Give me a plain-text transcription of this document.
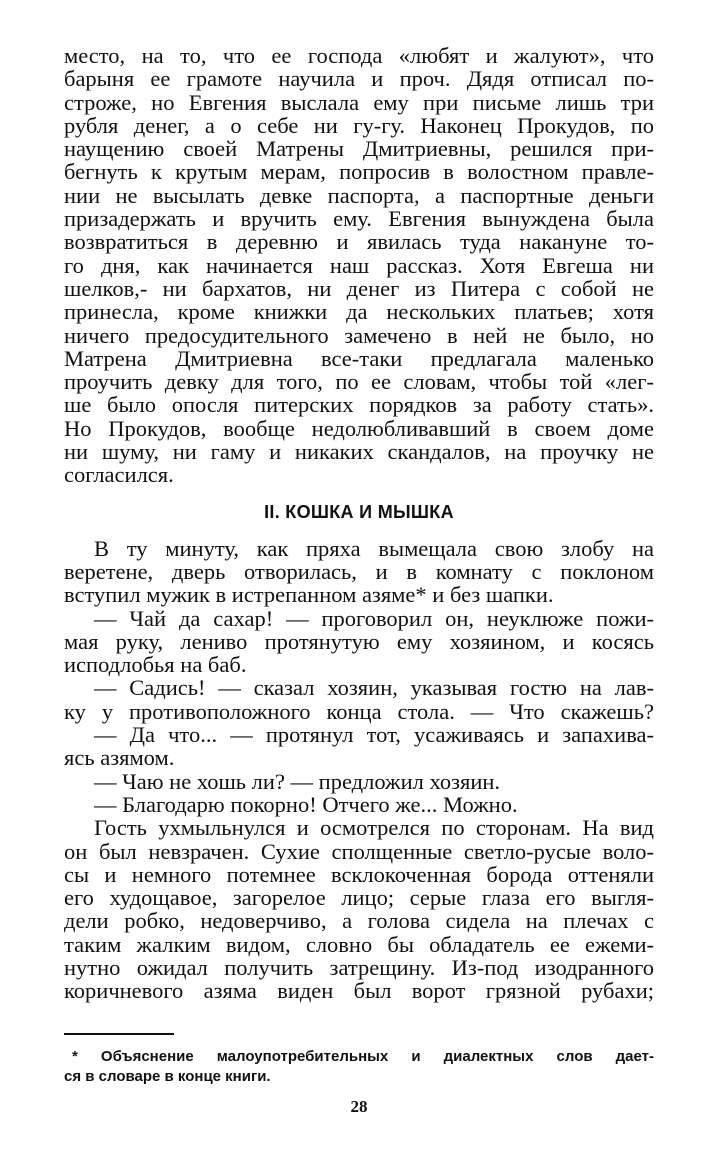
место, на то, что ее господа «любят и жалуют», что
барыня ее грамоте научила и проч. Дядя отписал по-
строже, но Евгения выслала ему при письме лишь три
рубля денег, а о себе ни гу-гу. Наконец Прокудов, по
наущению своей Матрены Дмитриевны, решился при-
бегнуть к крутым мерам, попросив в волостном правле-
нии не высылать девке паспорта, а паспортные деньги
призадержать и вручить ему. Евгения вынуждена была
возвратиться в деревню и явилась туда накануне то-
го дня, как начинается наш рассказ. Хотя Евгеша ни
шелков,- ни бархатов, ни денег из Питера с собой не
принесла, кроме книжки да нескольких платьев; хотя
ничего предосудительного замечено в ней не было, но
Матрена Дмитриевна все-таки предлагала маленько
проучить девку для того, по ее словам, чтобы той «лег-
ше было опосля питерских порядков за работу стать».
Но Прокудов, вообще недолюбливавший в своем доме
ни шуму, ни гаму и никаких скандалов, на проучку не
согласился.
II. КОШКА И МЫШКА
В ту минуту, как пряха вымещала свою злобу на
веретене, дверь отворилась, и в комнату с поклоном
вступил мужик в истрепанном азяме* и без шапки.
— Чай да сахар! — проговорил он, неуклюже пожи-
мая руку, лениво протянутую ему хозяином, и косясь
исподлобья на баб.
— Садись! — сказал хозяин, указывая гостю на лав-
ку у противоположного конца стола. — Что скажешь?
— Да что... — протянул тот, усаживаясь и запахива-
ясь азямом.
— Чаю не хошь ли? — предложил хозяин.
— Благодарю покорно! Отчего же... Можно.
Гость ухмыльнулся и осмотрелся по сторонам. На вид
он был невзрачен. Сухие сполщенные светло-русые воло-
сы и немного потемнее всклокоченная борода оттеняли
его худощавое, загорелое лицо; серые глаза его выгля-
дели робко, недоверчиво, а голова сидела на плечах с
таким жалким видом, словно бы обладатель ее ежеми-
нутно ожидал получить затрещину. Из-под изодранного
коричневого азяма виден был ворот грязной рубахи;
* Объяснение малоупотребительных и диалектных слов дает-
ся в словаре в конце книги.
28
